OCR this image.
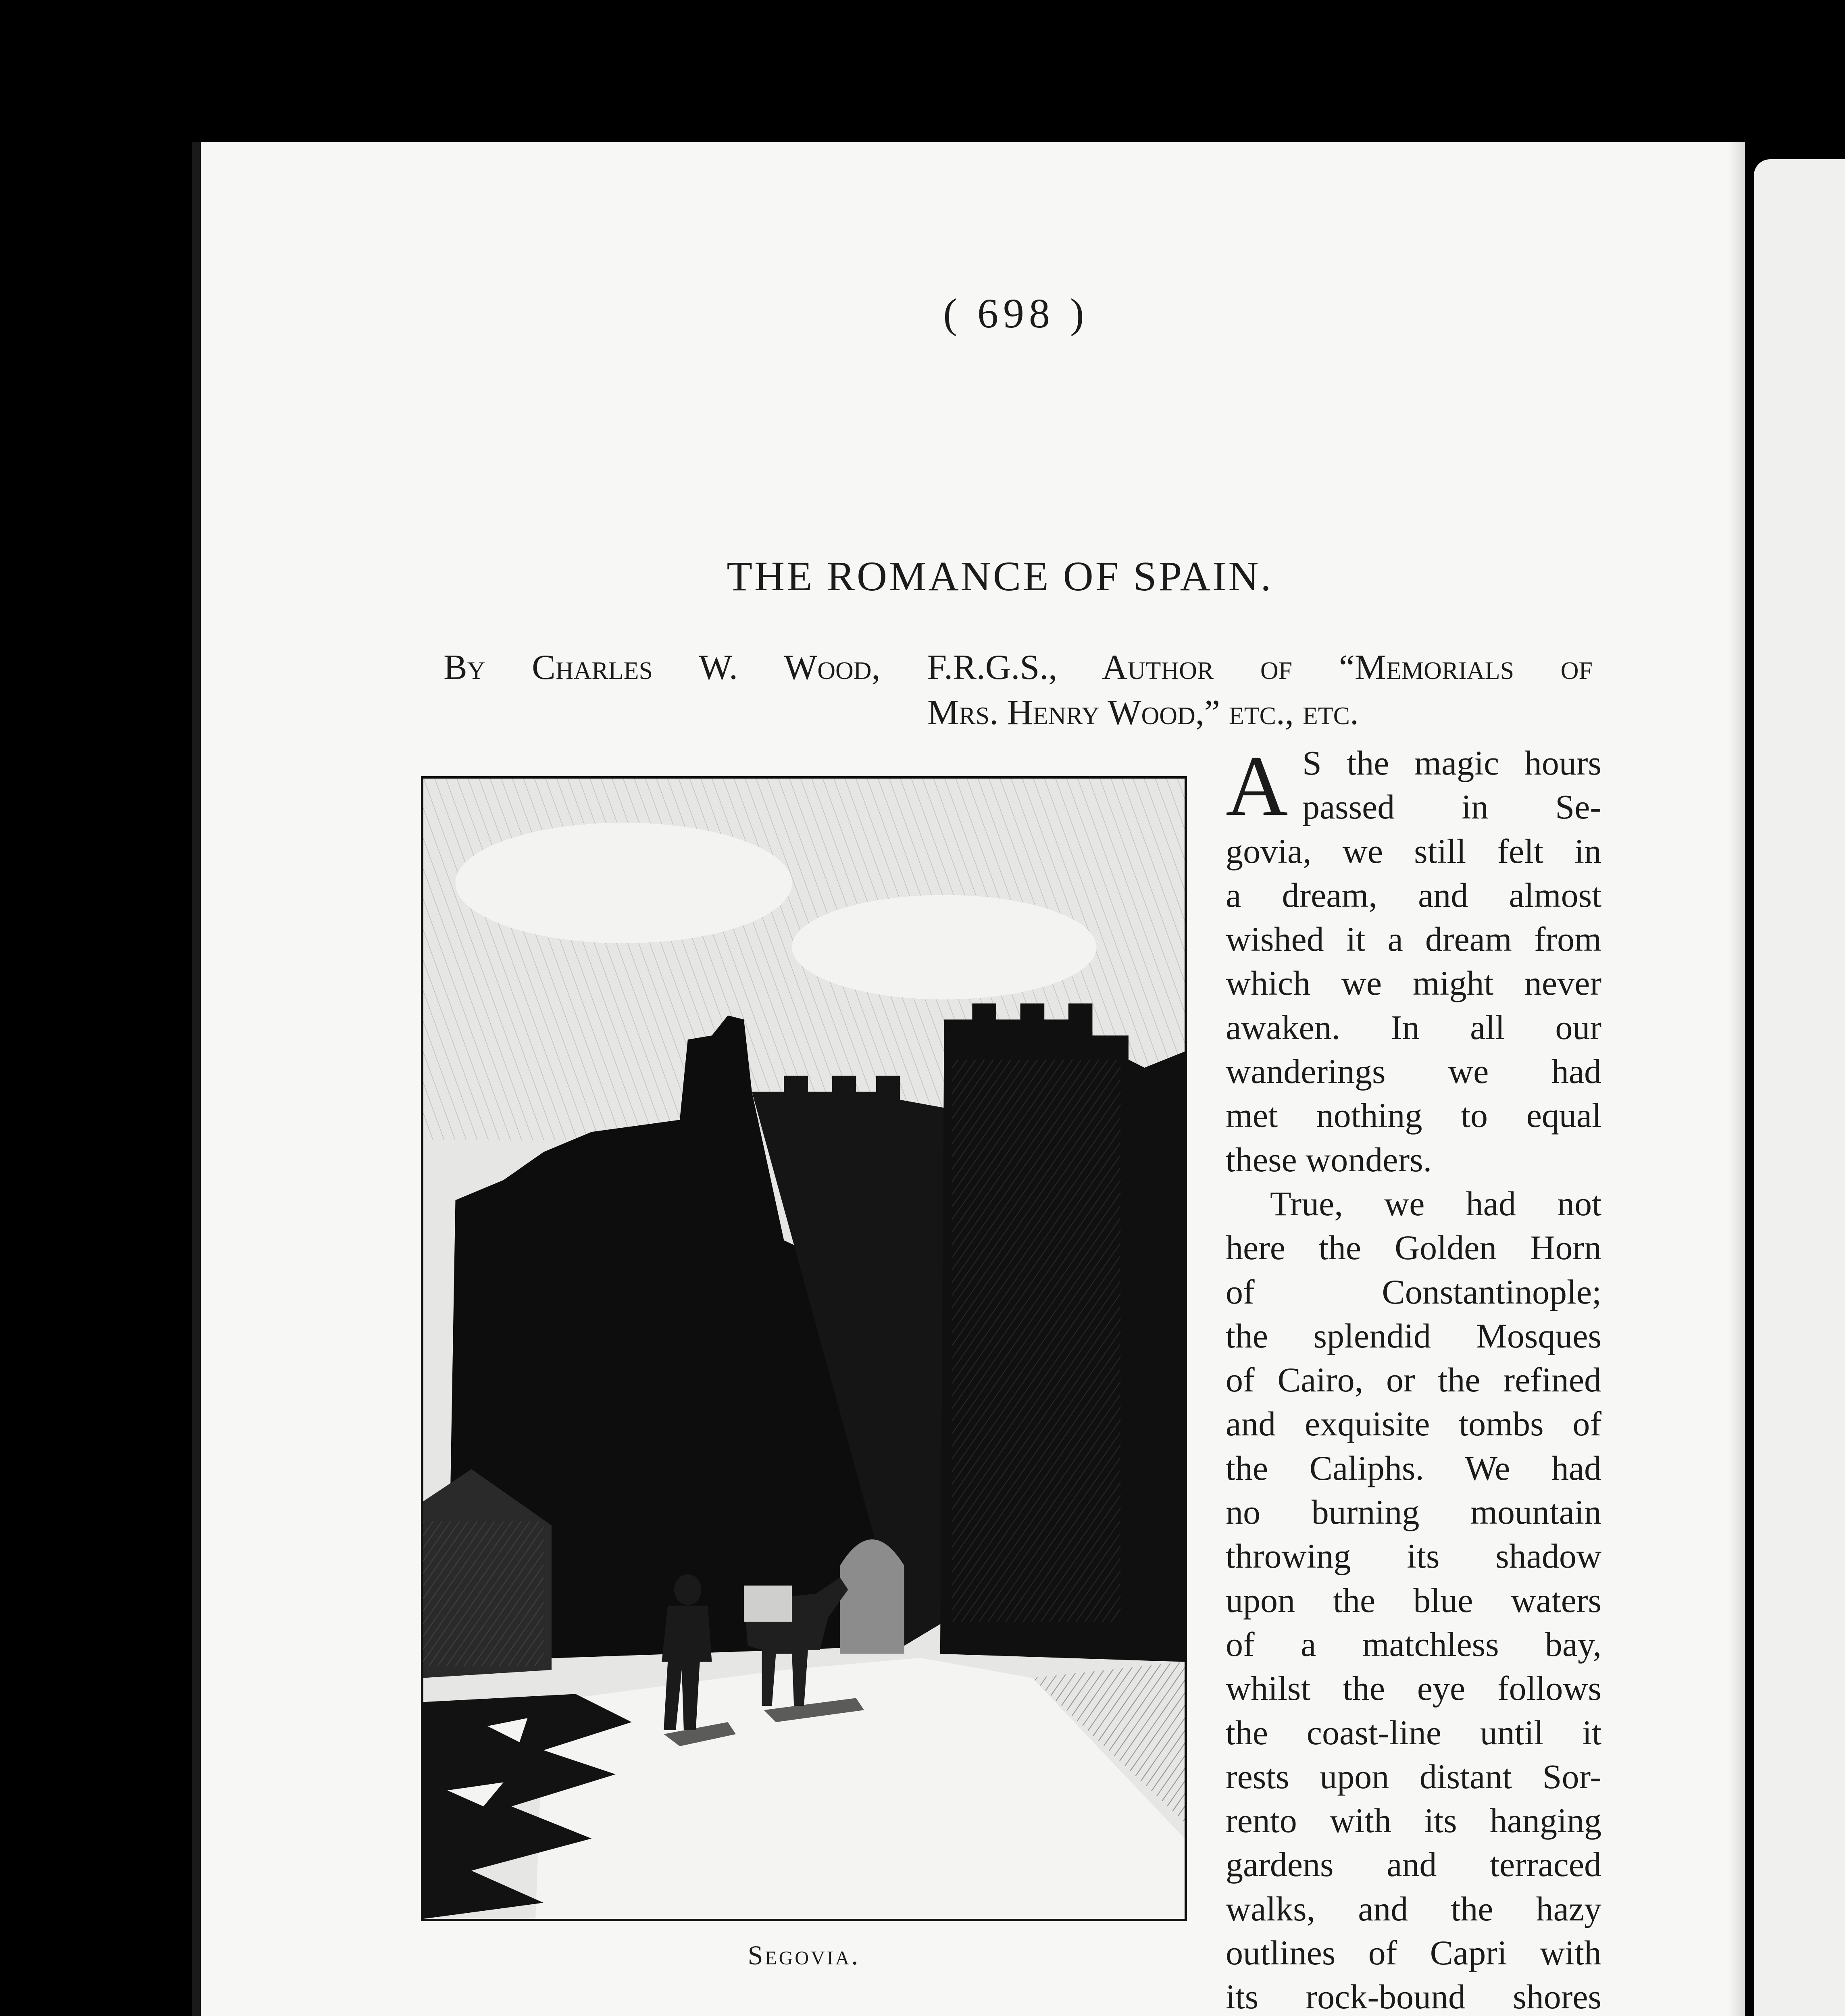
( 698 )
THE ROMANCE OF SPAIN.
By Charles W. Wood, F.R.G.S., Author of “Memorials of
Mrs. Henry Wood,” etc., etc.
M.P.
Segovia.
A S the magic hours
passed in Se-
govia, we still felt in
a dream, and almost
wished it a dream from
which we might never
awaken. In all our
wanderings we had
met nothing to equal
these wonders.
True, we had not
here the Golden Horn
of Constantinople;
the splendid Mosques
of Cairo, or the refined
and exquisite tombs of
the Caliphs. We had
no burning mountain
throwing its shadow
upon the blue waters
of a matchless bay,
whilst the eye follows
the coast-line until it
rests upon distant Sor-
rento with its hanging
gardens and terraced
walks, and the hazy
outlines of Capri with
its rock-bound shores
